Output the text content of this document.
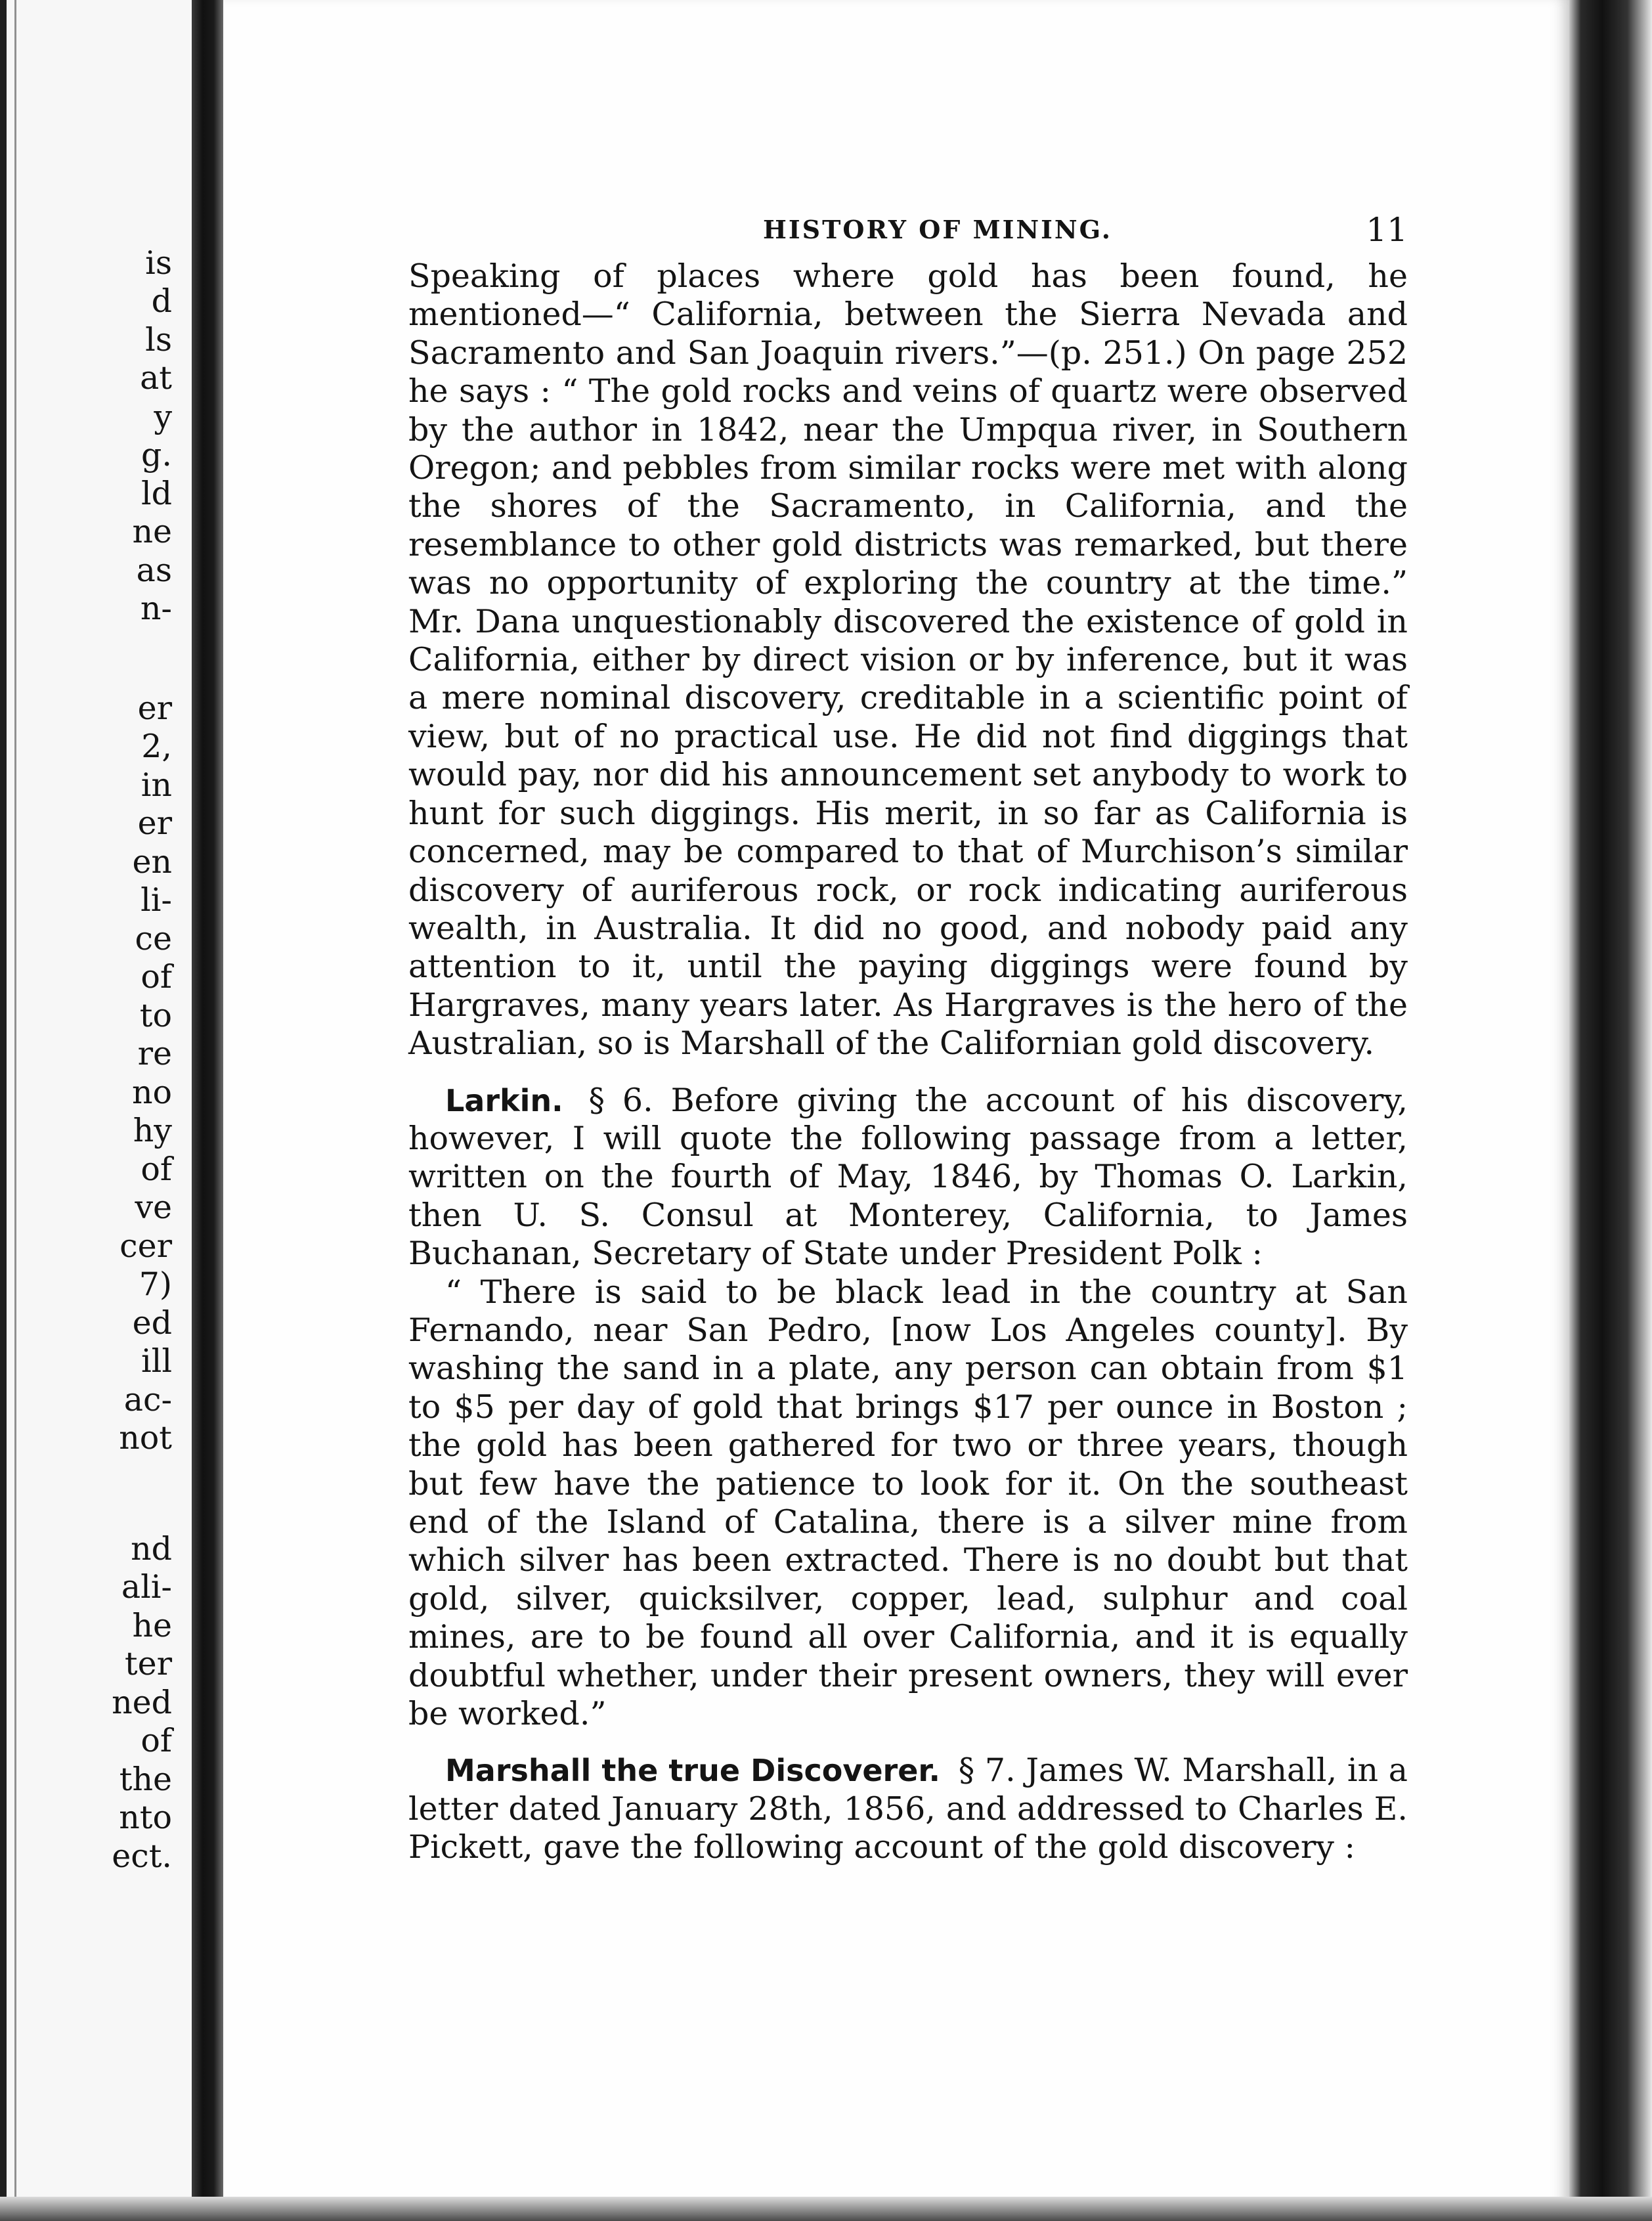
is
d
ls
at
y
g.
ld
ne
as
n-
er
2,
in
er
en
li-
ce
of
to
re
no
hy
of
ve
cer
7)
ed
ill
ac-
not
nd
ali-
he
ter
ned
of
the
nto
ect.
HISTORY OF MINING.	11

Speaking of places where gold has been found, he mentioned—“ California, between the Sierra Nevada and Sacramento and San Joaquin rivers.”—(p. 251.) On page 252 he says : “ The gold rocks and veins of quartz were observed by the author in 1842, near the Umpqua river, in Southern Oregon; and pebbles from similar rocks were met with along the shores of the Sacramento, in California, and the resemblance to other gold districts was remarked, but there was no opportunity of exploring the country at the time.” Mr. Dana unquestionably discovered the existence of gold in California, either by direct vision or by inference, but it was a mere nominal discovery, creditable in a scientific point of view, but of no practical use. He did not find diggings that would pay, nor did his announcement set anybody to work to hunt for such diggings. His merit, in so far as California is concerned, may be compared to that of Murchison’s similar discovery of auriferous rock, or rock indicating auriferous wealth, in Australia. It did no good, and nobody paid any attention to it, until the paying diggings were found by Hargraves, many years later. As Hargraves is the hero of the Australian, so is Marshall of the Californian gold discovery.

Larkin. § 6. Before giving the account of his discovery, however, I will quote the following passage from a letter, written on the fourth of May, 1846, by Thomas O. Larkin, then U. S. Consul at Monterey, California, to James Buchanan, Secretary of State under President Polk :

“ There is said to be black lead in the country at San Fernando, near San Pedro, [now Los Angeles county]. By washing the sand in a plate, any person can obtain from $1 to $5 per day of gold that brings $17 per ounce in Boston ; the gold has been gathered for two or three years, though but few have the patience to look for it. On the southeast end of the Island of Catalina, there is a silver mine from which silver has been extracted. There is no doubt but that gold, silver, quicksilver, copper, lead, sulphur and coal mines, are to be found all over California, and it is equally doubtful whether, under their present owners, they will ever be worked.”

Marshall the true Discoverer. § 7. James W. Marshall, in a letter dated January 28th, 1856, and addressed to Charles E. Pickett, gave the following account of the gold discovery :
